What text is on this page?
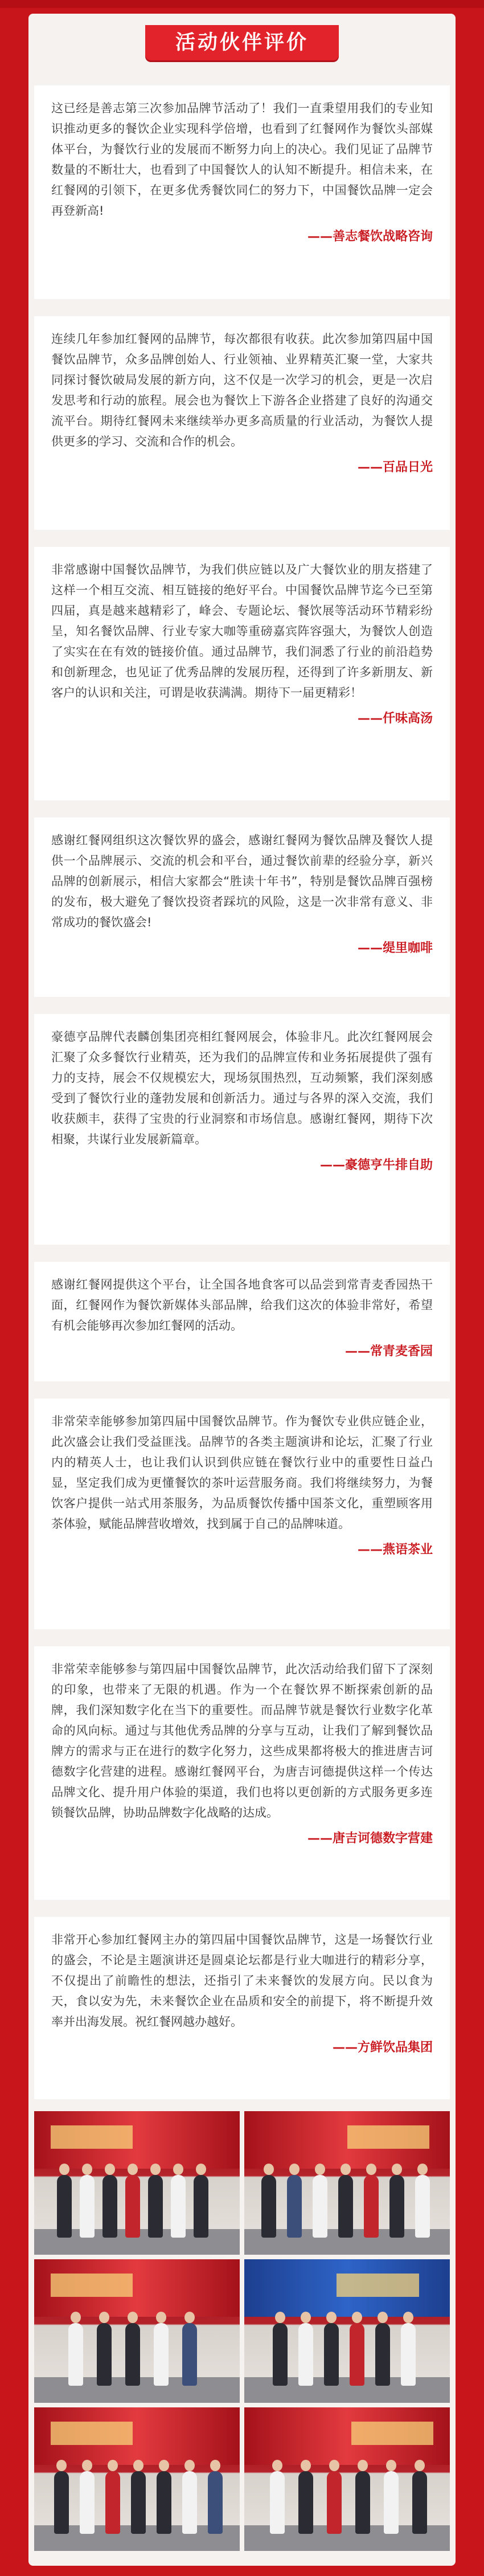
活动伙伴评价

这已经是善志第三次参加品牌节活动了！我们一直秉望用我们的专业知识推动更多的餐饮企业实现科学倍增，也看到了红餐网作为餐饮头部媒体平台，为餐饮行业的发展而不断努力向上的决心。我们见证了品牌节数量的不断壮大，也看到了中国餐饮人的认知不断提升。相信未来，在红餐网的引领下，在更多优秀餐饮同仁的努力下，中国餐饮品牌一定会再登新高!

——善志餐饮战略咨询

连续几年参加红餐网的品牌节，每次都很有收获。此次参加第四届中国餐饮品牌节，众多品牌创始人、行业领袖、业界精英汇聚一堂，大家共同探讨餐饮破局发展的新方向，这不仅是一次学习的机会，更是一次启发思考和行动的旅程。展会也为餐饮上下游各企业搭建了良好的沟通交流平台。期待红餐网未来继续举办更多高质量的行业活动，为餐饮人提供更多的学习、交流和合作的机会。

——百品日光

非常感谢中国餐饮品牌节，为我们供应链以及广大餐饮业的朋友搭建了这样一个相互交流、相互链接的绝好平台。中国餐饮品牌节迄今已至第四届，真是越来越精彩了，峰会、专题论坛、餐饮展等活动环节精彩纷呈，知名餐饮品牌、行业专家大咖等重磅嘉宾阵容强大，为餐饮人创造了实实在在有效的链接价值。通过品牌节，我们洞悉了行业的前沿趋势和创新理念，也见证了优秀品牌的发展历程，还得到了许多新朋友、新客户的认识和关注，可谓是收获满满。期待下一届更精彩！

——仟味高汤

感谢红餐网组织这次餐饮界的盛会，感谢红餐网为餐饮品牌及餐饮人提供一个品牌展示、交流的机会和平台，通过餐饮前辈的经验分享，新兴品牌的创新展示，相信大家都会“胜读十年书”，特别是餐饮品牌百强榜的发布，极大避免了餐饮投资者踩坑的风险，这是一次非常有意义、非常成功的餐饮盛会!

——缇里咖啡

豪德亨品牌代表麟创集团亮相红餐网展会，体验非凡。此次红餐网展会汇聚了众多餐饮行业精英，还为我们的品牌宣传和业务拓展提供了强有力的支持，展会不仅规模宏大，现场氛围热烈，互动频繁，我们深刻感受到了餐饮行业的蓬勃发展和创新活力。通过与各界的深入交流，我们收获颇丰，获得了宝贵的行业洞察和市场信息。感谢红餐网，期待下次相聚，共谋行业发展新篇章。

——豪德亨牛排自助

感谢红餐网提供这个平台，让全国各地食客可以品尝到常青麦香园热干面，红餐网作为餐饮新媒体头部品牌，给我们这次的体验非常好，希望有机会能够再次参加红餐网的活动。

——常青麦香园

非常荣幸能够参加第四届中国餐饮品牌节。作为餐饮专业供应链企业，此次盛会让我们受益匪浅。品牌节的各类主题演讲和论坛，汇聚了行业内的精英人士，也让我们认识到供应链在餐饮行业中的重要性日益凸显，坚定我们成为更懂餐饮的茶叶运营服务商。我们将继续努力，为餐饮客户提供一站式用茶服务，为品质餐饮传播中国茶文化，重塑顾客用茶体验，赋能品牌营收增效，找到属于自己的品牌味道。

——燕语茶业

非常荣幸能够参与第四届中国餐饮品牌节，此次活动给我们留下了深刻的印象，也带来了无限的机遇。作为一个在餐饮界不断探索创新的品牌，我们深知数字化在当下的重要性。而品牌节就是餐饮行业数字化革命的风向标。通过与其他优秀品牌的分享与互动，让我们了解到餐饮品牌方的需求与正在进行的数字化努力，这些成果都将极大的推进唐吉诃德数字化营建的进程。感谢红餐网平台，为唐吉诃德提供这样一个传达品牌文化、提升用户体验的渠道，我们也将以更创新的方式服务更多连锁餐饮品牌，协助品牌数字化战略的达成。

——唐吉诃德数字营建

非常开心参加红餐网主办的第四届中国餐饮品牌节，这是一场餐饮行业的盛会，不论是主题演讲还是圆桌论坛都是行业大咖进行的精彩分享，不仅提出了前瞻性的想法，还指引了未来餐饮的发展方向。民以食为天，食以安为先，未来餐饮企业在品质和安全的前提下，将不断提升效率并出海发展。祝红餐网越办越好。

——方鲜饮品集团
